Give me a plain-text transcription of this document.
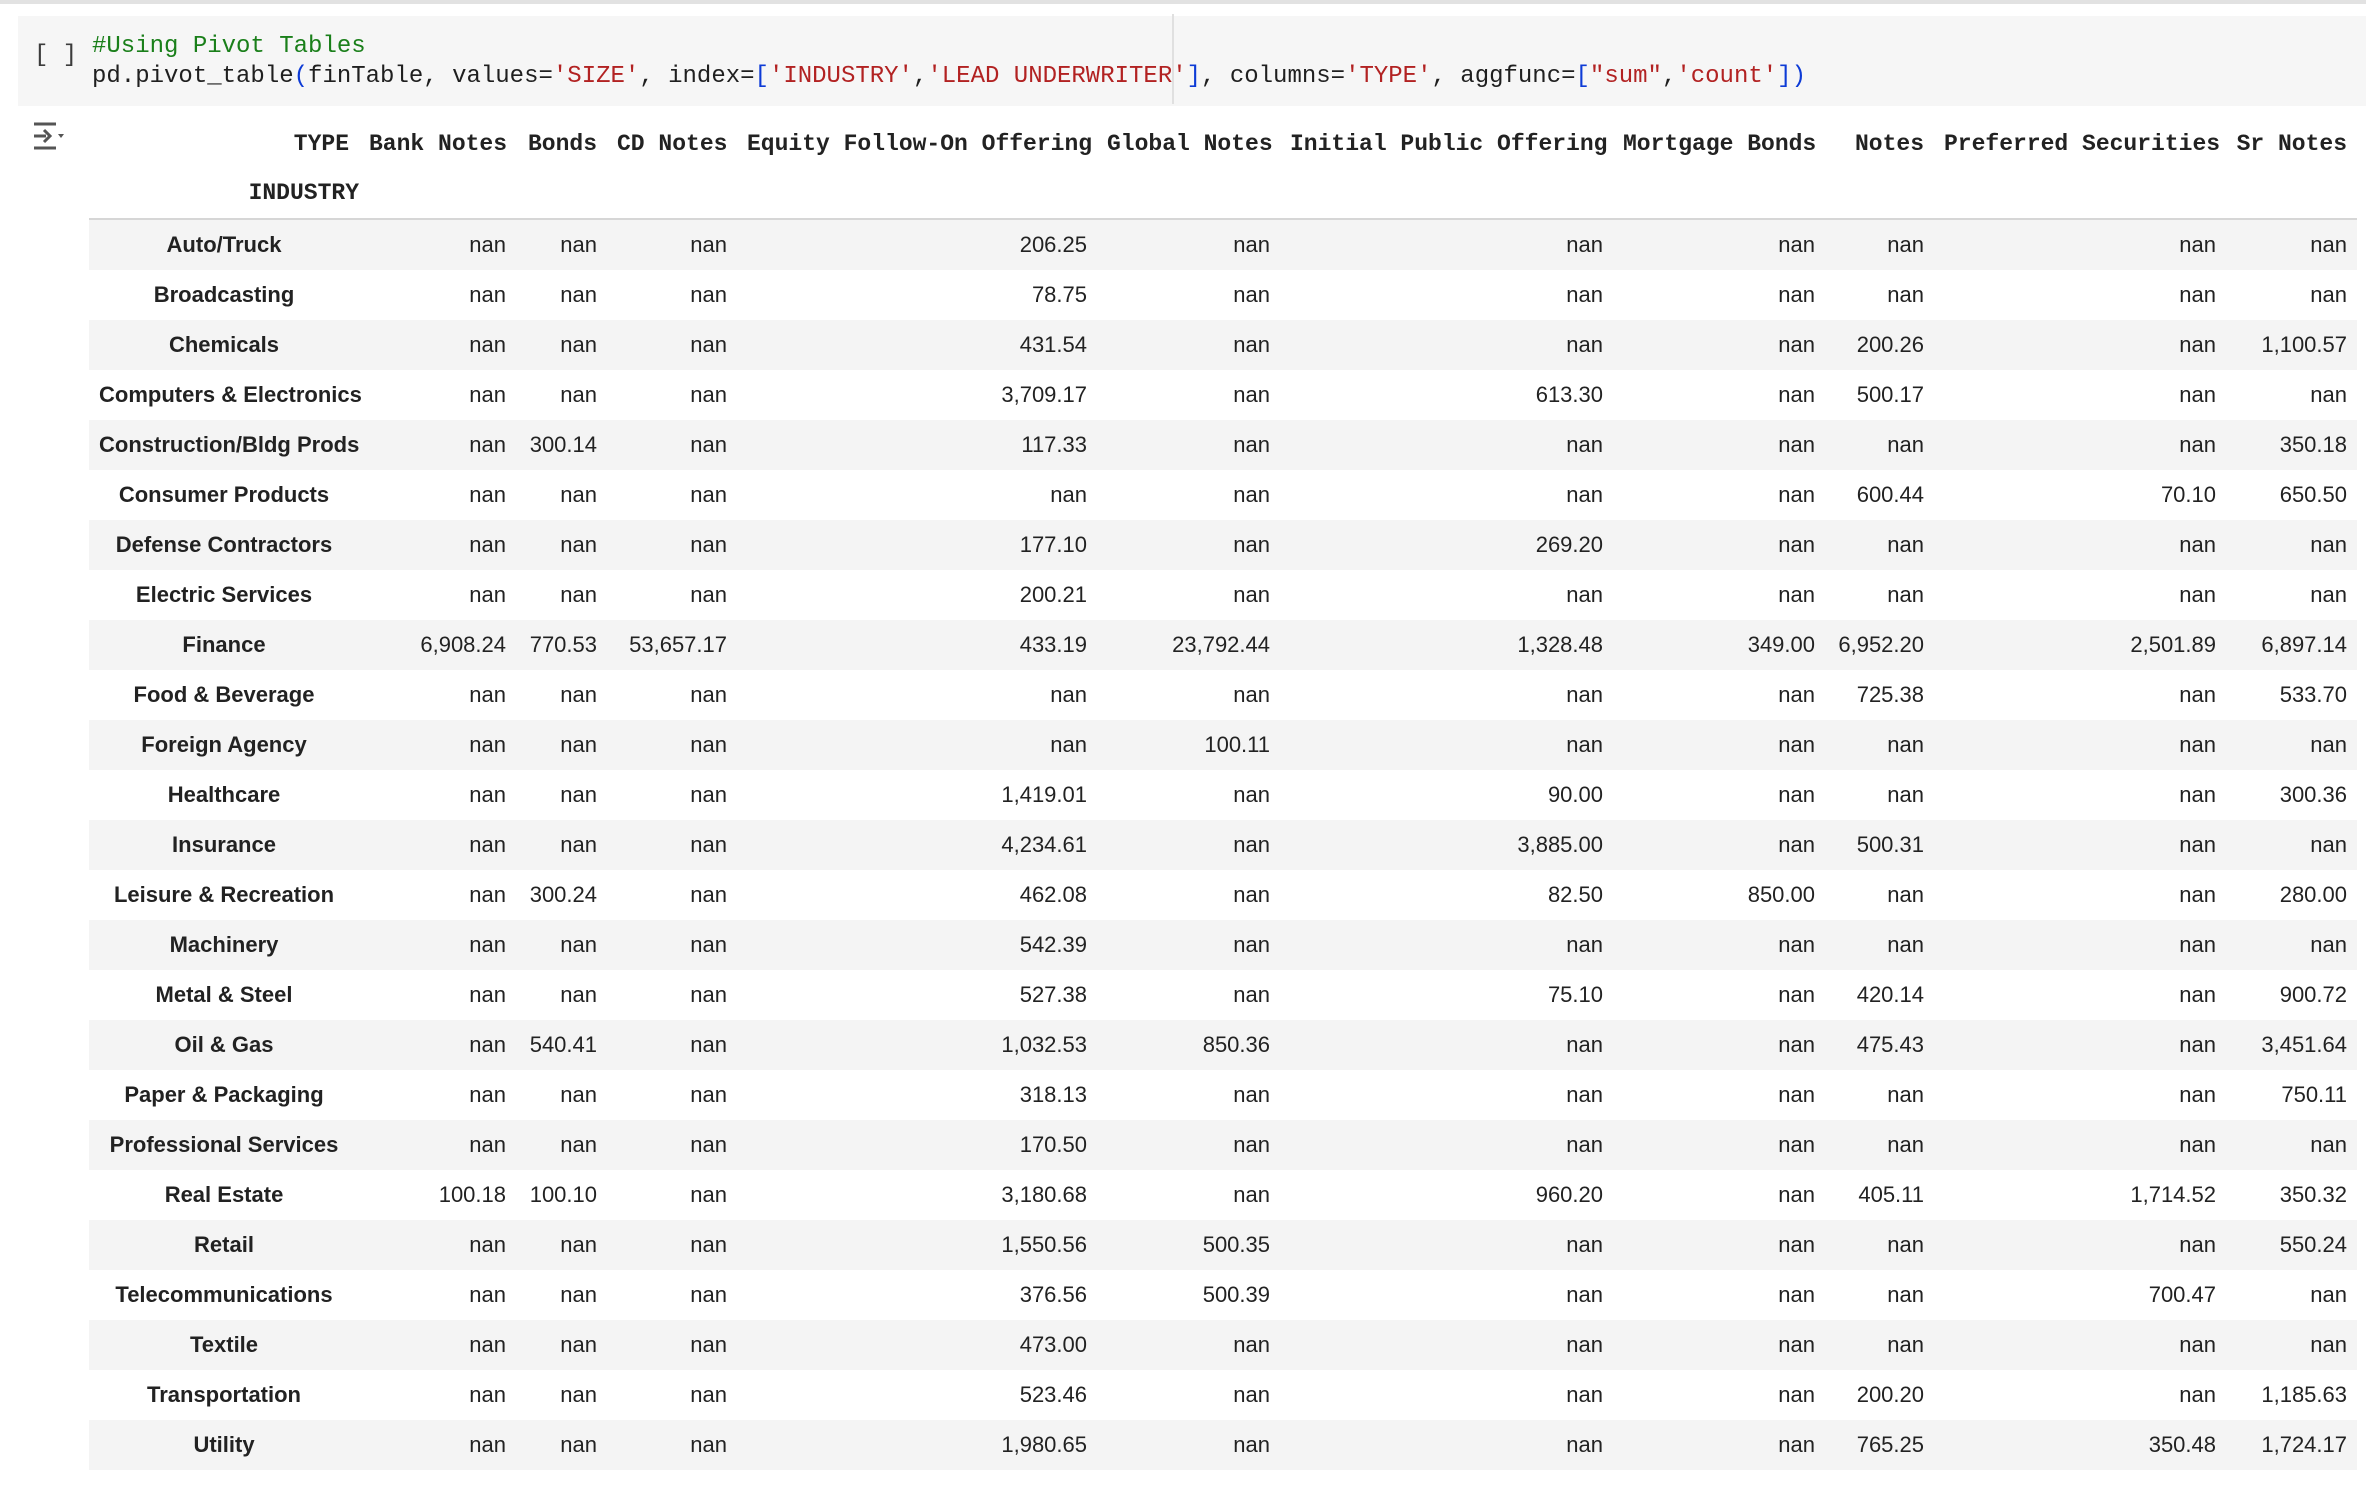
[ ] #Using Pivot Tables
pd.pivot_table(finTable, values='SIZE', index=['INDUSTRY','LEAD UNDERWRITER'], columns='TYPE', aggfunc=["sum",'count'])
TYPE	Bank Notes	Bonds	CD Notes	Equity Follow-On Offering	Global Notes	Initial Public Offering	Mortgage Bonds	Notes	Preferred Securities	Sr Notes
INDUSTRY										
Auto/Truck	nan	nan	nan	206.25	nan	nan	nan	nan	nan	nan
Broadcasting	nan	nan	nan	78.75	nan	nan	nan	nan	nan	nan
Chemicals	nan	nan	nan	431.54	nan	nan	nan	200.26	nan	1,100.57
Computers & Electronics	nan	nan	nan	3,709.17	nan	613.30	nan	500.17	nan	nan
Construction/Bldg Prods	nan	300.14	nan	117.33	nan	nan	nan	nan	nan	350.18
Consumer Products	nan	nan	nan	nan	nan	nan	nan	600.44	70.10	650.50
Defense Contractors	nan	nan	nan	177.10	nan	269.20	nan	nan	nan	nan
Electric Services	nan	nan	nan	200.21	nan	nan	nan	nan	nan	nan
Finance	6,908.24	770.53	53,657.17	433.19	23,792.44	1,328.48	349.00	6,952.20	2,501.89	6,897.14
Food & Beverage	nan	nan	nan	nan	nan	nan	nan	725.38	nan	533.70
Foreign Agency	nan	nan	nan	nan	100.11	nan	nan	nan	nan	nan
Healthcare	nan	nan	nan	1,419.01	nan	90.00	nan	nan	nan	300.36
Insurance	nan	nan	nan	4,234.61	nan	3,885.00	nan	500.31	nan	nan
Leisure & Recreation	nan	300.24	nan	462.08	nan	82.50	850.00	nan	nan	280.00
Machinery	nan	nan	nan	542.39	nan	nan	nan	nan	nan	nan
Metal & Steel	nan	nan	nan	527.38	nan	75.10	nan	420.14	nan	900.72
Oil & Gas	nan	540.41	nan	1,032.53	850.36	nan	nan	475.43	nan	3,451.64
Paper & Packaging	nan	nan	nan	318.13	nan	nan	nan	nan	nan	750.11
Professional Services	nan	nan	nan	170.50	nan	nan	nan	nan	nan	nan
Real Estate	100.18	100.10	nan	3,180.68	nan	960.20	nan	405.11	1,714.52	350.32
Retail	nan	nan	nan	1,550.56	500.35	nan	nan	nan	nan	550.24
Telecommunications	nan	nan	nan	376.56	500.39	nan	nan	nan	700.47	nan
Textile	nan	nan	nan	473.00	nan	nan	nan	nan	nan	nan
Transportation	nan	nan	nan	523.46	nan	nan	nan	200.20	nan	1,185.63
Utility	nan	nan	nan	1,980.65	nan	nan	nan	765.25	350.48	1,724.17
